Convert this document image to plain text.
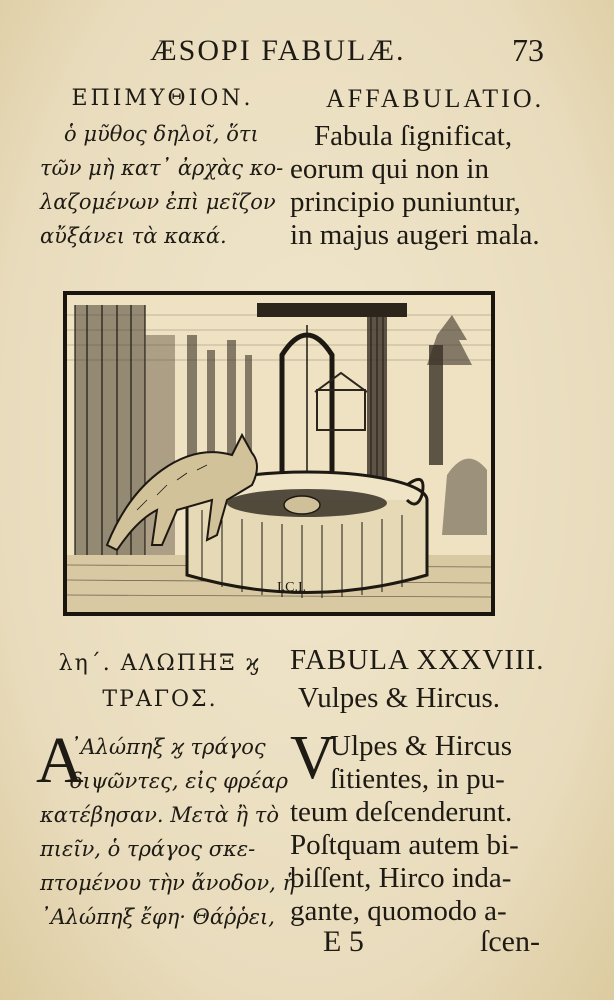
ÆSOPI FABULÆ.	73
ΕΠΙΜΥΘΙΟΝ.
ὁ μῦθος δηλοῖ, ὅτι
τῶν μὴ κατ᾽ ἀρχὰς κο-
λαζομένων ἐπὶ μεῖζον
αὔξάνει τὰ κακά.
AFFABULATIO.
Fabula ſignificat,
eorum qui non in
principio puniuntur,
in majus augeri mala.
I.C.I.
λη΄. ΑΛΩΠΗΞ ϗ
ΤΡΑΓΟΣ.
Α
᾽Αλώπηξ ϗ τράγος
διψῶντες, εἰς φρέαρ
κατέβησαν. Μετὰ ἢ τὸ
πιεῖν, ὁ τράγος σκε-
πτομένου τὴν ἄνοδον, ἡ
᾽Αλώπηξ ἔφη· Θάῤῥει,
FABULA XXXVIII.
Vulpes & Hircus.
V
Ulpes & Hircus
ſitientes, in pu-
teum deſcenderunt.
Poſtquam autem bi-
biſſent, Hirco inda-
gante, quomodo a-
E 5	ſcen-
